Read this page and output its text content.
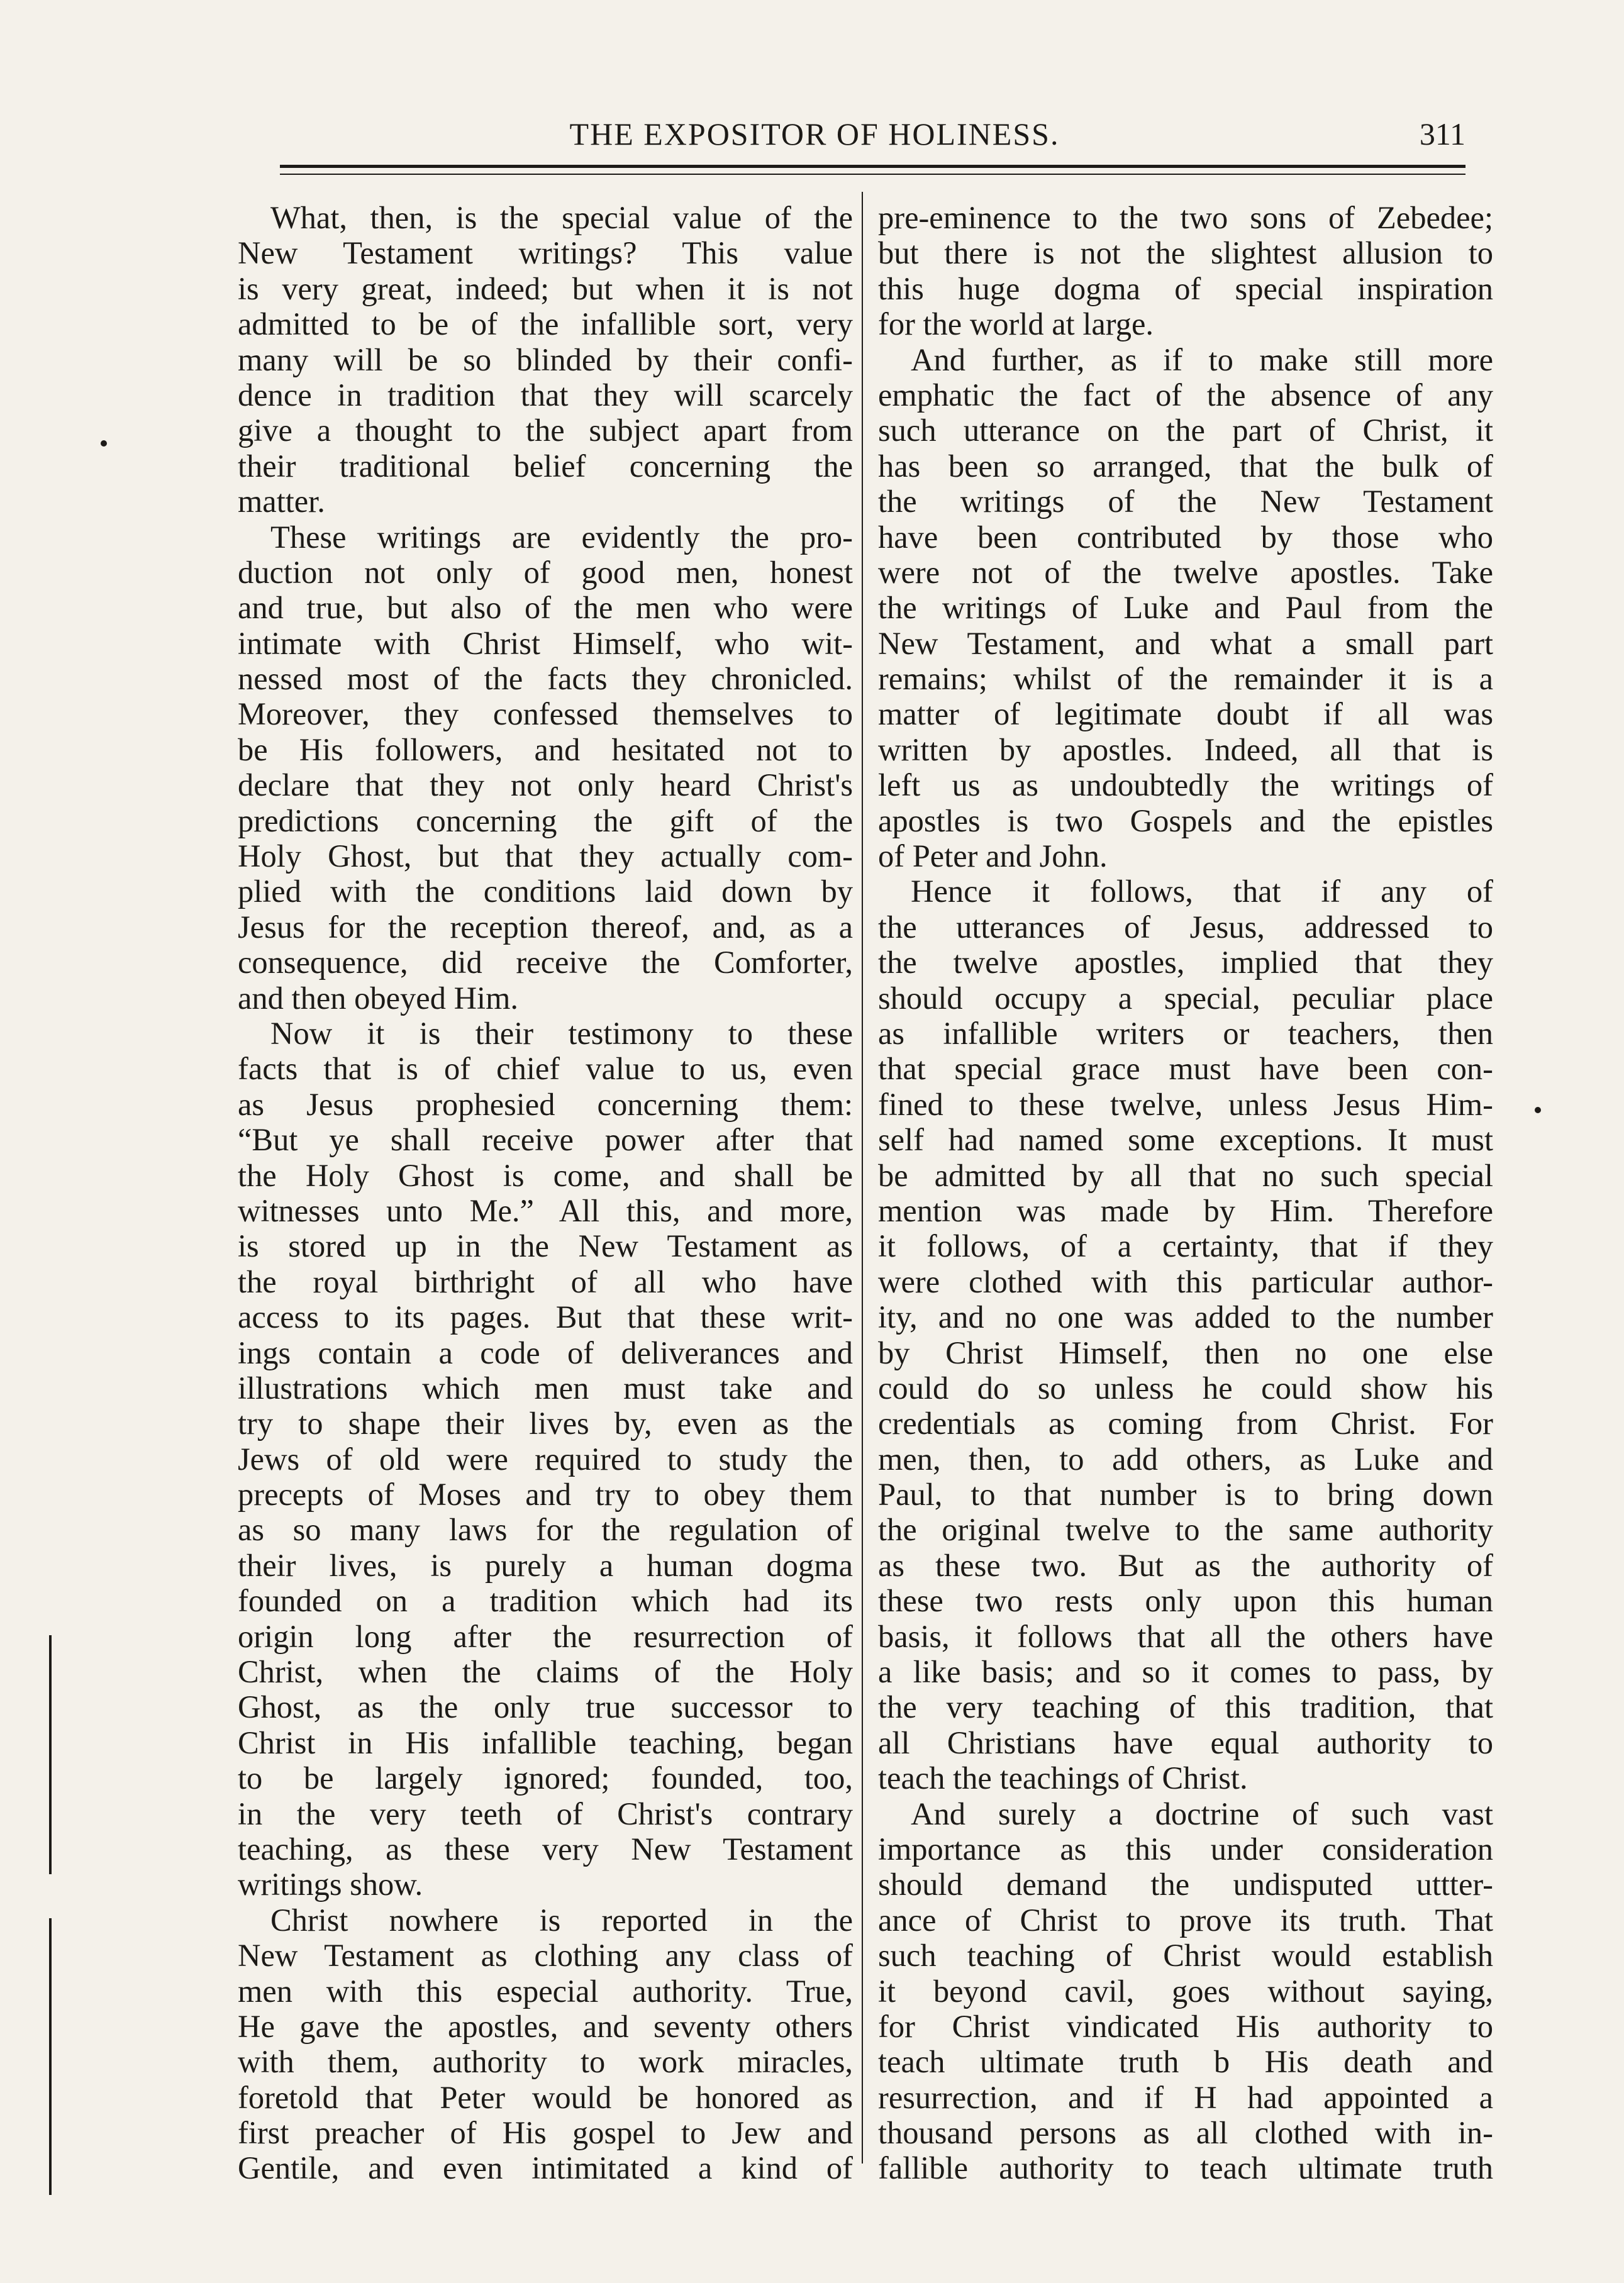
THE EXPOSITOR OF HOLINESS.	311
What, then, is the special value of the
New Testament writings? This value
is very great, indeed; but when it is not
admitted to be of the infallible sort, very
many will be so blinded by their confi-
dence in tradition that they will scarcely
give a thought to the subject apart from
their traditional belief concerning the
matter.
These writings are evidently the pro-
duction not only of good men, honest
and true, but also of the men who were
intimate with Christ Himself, who wit-
nessed most of the facts they chronicled.
Moreover, they confessed themselves to
be His followers, and hesitated not to
declare that they not only heard Christ's
predictions concerning the gift of the
Holy Ghost, but that they actually com-
plied with the conditions laid down by
Jesus for the reception thereof, and, as a
consequence, did receive the Comforter,
and then obeyed Him.
Now it is their testimony to these
facts that is of chief value to us, even
as Jesus prophesied concerning them:
“But ye shall receive power after that
the Holy Ghost is come, and shall be
witnesses unto Me.” All this, and more,
is stored up in the New Testament as
the royal birthright of all who have
access to its pages. But that these writ-
ings contain a code of deliverances and
illustrations which men must take and
try to shape their lives by, even as the
Jews of old were required to study the
precepts of Moses and try to obey them
as so many laws for the regulation of
their lives, is purely a human dogma
founded on a tradition which had its
origin long after the resurrection of
Christ, when the claims of the Holy
Ghost, as the only true successor to
Christ in His infallible teaching, began
to be largely ignored; founded, too,
in the very teeth of Christ's contrary
teaching, as these very New Testament
writings show.
Christ nowhere is reported in the
New Testament as clothing any class of
men with this especial authority. True,
He gave the apostles, and seventy others
with them, authority to work miracles,
foretold that Peter would be honored as
first preacher of His gospel to Jew and
Gentile, and even intimitated a kind of
pre-eminence to the two sons of Zebedee;
but there is not the slightest allusion to
this huge dogma of special inspiration
for the world at large.
And further, as if to make still more
emphatic the fact of the absence of any
such utterance on the part of Christ, it
has been so arranged, that the bulk of
the writings of the New Testament
have been contributed by those who
were not of the twelve apostles. Take
the writings of Luke and Paul from the
New Testament, and what a small part
remains; whilst of the remainder it is a
matter of legitimate doubt if all was
written by apostles. Indeed, all that is
left us as undoubtedly the writings of
apostles is two Gospels and the epistles
of Peter and John.
Hence it follows, that if any of
the utterances of Jesus, addressed to
the twelve apostles, implied that they
should occupy a special, peculiar place
as infallible writers or teachers, then
that special grace must have been con-
fined to these twelve, unless Jesus Him-
self had named some exceptions. It must
be admitted by all that no such special
mention was made by Him. Therefore
it follows, of a certainty, that if they
were clothed with this particular author-
ity, and no one was added to the number
by Christ Himself, then no one else
could do so unless he could show his
credentials as coming from Christ. For
men, then, to add others, as Luke and
Paul, to that number is to bring down
the original twelve to the same authority
as these two. But as the authority of
these two rests only upon this human
basis, it follows that all the others have
a like basis; and so it comes to pass, by
the very teaching of this tradition, that
all Christians have equal authority to
teach the teachings of Christ.
And surely a doctrine of such vast
importance as this under consideration
should demand the undisputed uttter-
ance of Christ to prove its truth. That
such teaching of Christ would establish
it beyond cavil, goes without saying,
for Christ vindicated His authority to
teach ultimate truth b His death and
resurrection, and if H had appointed a
thousand persons as all clothed with in-
fallible authority to teach ultimate truth
